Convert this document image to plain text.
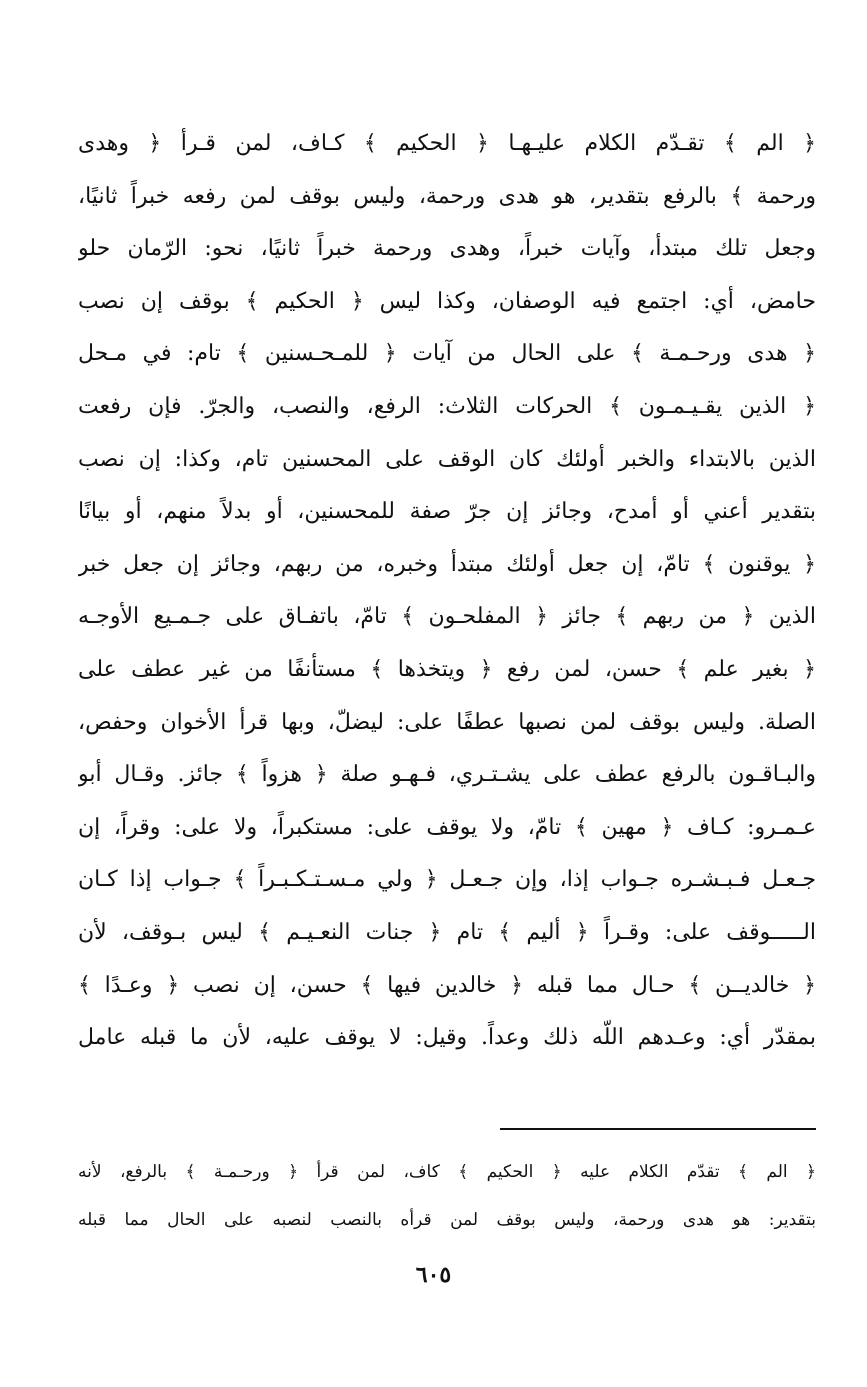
﴿ الم ﴾ تقـدّم الكلام عليـهـا ﴿ الحكيم ﴾ كـاف، لمن قـرأ ﴿ وهدى
ورحمة ﴾ بالرفع بتقدير، هو هدى ورحمة، وليس بوقف لمن رفعه خبراً ثانيًا،
وجعل تلك مبتدأ، وآيات خبراً، وهدى ورحمة خبراً ثانيًا، نحو: الرّمان حلو
حامض، أي: اجتمع فيه الوصفان، وكذا ليس ﴿ الحكيم ﴾ بوقف إن نصب
﴿ هدى ورحـمـة ﴾ على الحال من آيات ﴿ للمـحـسنين ﴾ تام: في مـحل
﴿ الذين يقـيـمـون ﴾ الحركات الثلاث: الرفع، والنصب، والجرّ. فإن رفعت
الذين بالابتداء والخبر أولئك كان الوقف على المحسنين تام، وكذا: إن نصب
بتقدير أعني أو أمدح، وجائز إن جرّ صفة للمحسنين، أو بدلاً منهم، أو بيانًا
﴿ يوقنون ﴾ تامّ، إن جعل أولئك مبتدأ وخبره، من ربهم، وجائز إن جعل خبر
الذين ﴿ من ربهم ﴾ جائز ﴿ المفلحـون ﴾ تامّ، باتفـاق على جـمـيع الأوجـه
﴿ بغير علم ﴾ حسن، لمن رفع ﴿ ويتخذها ﴾ مستأنفًا من غير عطف على
الصلة. وليس بوقف لمن نصبها عطفًا على: ليضلّ، وبها قرأ الأخوان وحفص،
والبـاقـون بالرفع عطف على يشـتـري، فـهـو صلة ﴿ هزواً ﴾ جائز. وقـال أبو
عـمـرو: كـاف ﴿ مهين ﴾ تامّ، ولا يوقف على: مستكبراً، ولا على: وقراً، إن
جـعـل فـبـشـره جـواب إذا، وإن جـعـل ﴿ ولي مـسـتـكـبـراً ﴾ جـواب إذا كـان
الـــــوقف على: وقـراً ﴿ أليم ﴾ تام ﴿ جنات النعـيـم ﴾ ليس بـوقف، لأن
﴿ خالديــن ﴾ حـال مما قبله ﴿ خالدين فيها ﴾ حسن، إن نصب ﴿ وعـدًا ﴾
بمقدّر أي: وعـدهم اللّه ذلك وعداً. وقيل: لا يوقف عليه، لأن ما قبله عامل
﴿ الم ﴾ تقدّم الكلام عليه ﴿ الحكيم ﴾ كاف، لمن قرأ ﴿ ورحـمـة ﴾ بالرفع، لأنه
بتقدير: هو هدى ورحمة، وليس بوقف لمن قرأه بالنصب لنصبه على الحال مما قبله
٦٠٥
